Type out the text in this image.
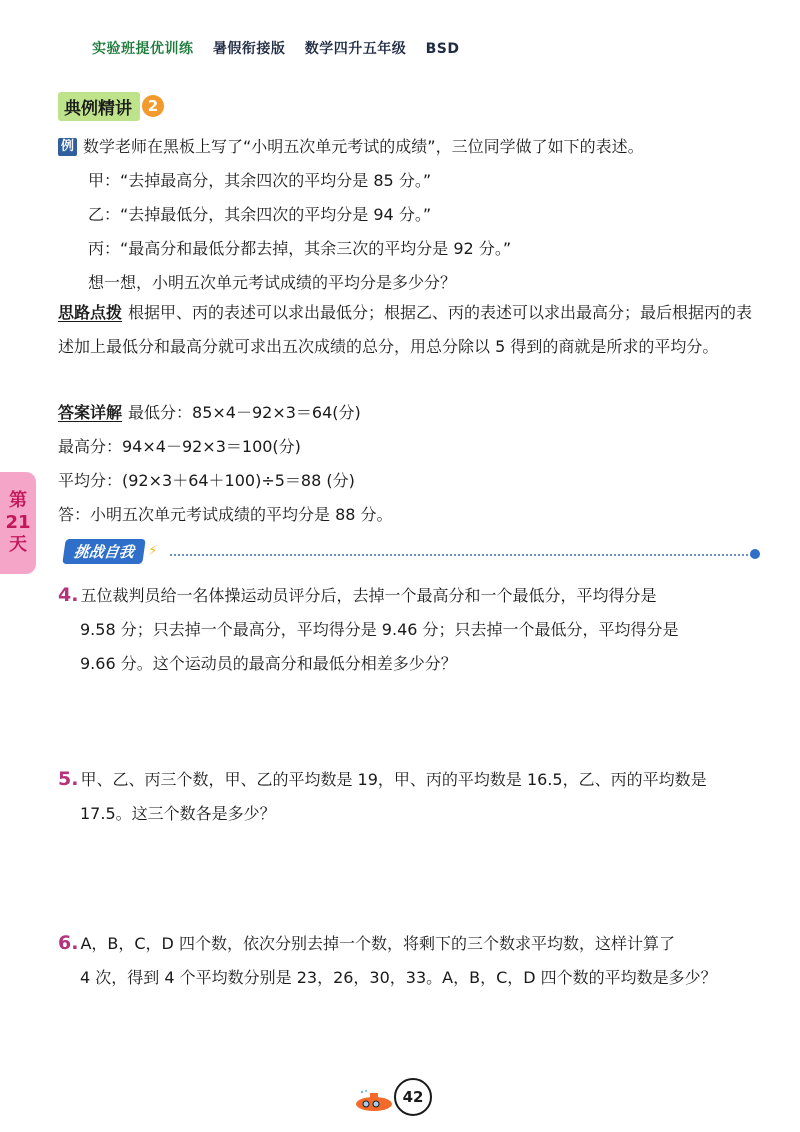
实验班提优训练 暑假衔接版 数学四升五年级 BSD
典例精讲	2
例 数学老师在黑板上写了“小明五次单元考试的成绩”，三位同学做了如下的表述。
甲：“去掉最高分，其余四次的平均分是 85 分。”
乙：“去掉最低分，其余四次的平均分是 94 分。”
丙：“最高分和最低分都去掉，其余三次的平均分是 92 分。”
想一想，小明五次单元考试成绩的平均分是多少分？
思路点拨 根据甲、丙的表述可以求出最低分；根据乙、丙的表述可以求出最高分；最后根据丙的表述加上最低分和最高分就可求出五次成绩的总分，用总分除以 5 得到的商就是所求的平均分。
答案详解 最低分：85×4－92×3＝64(分)
最高分：94×4－92×3＝100(分)
平均分：(92×3＋64＋100)÷5＝88 (分)
答：小明五次单元考试成绩的平均分是 88 分。
第
21
天	挑战自我 ⚡
4. 五位裁判员给一名体操运动员评分后，去掉一个最高分和一个最低分，平均得分是
9.58 分；只去掉一个最高分，平均得分是 9.46 分；只去掉一个最低分，平均得分是
9.66 分。这个运动员的最高分和最低分相差多少分？
5. 甲、乙、丙三个数，甲、乙的平均数是 19，甲、丙的平均数是 16.5，乙、丙的平均数是
17.5。这三个数各是多少？
6. A，B，C，D 四个数，依次分别去掉一个数，将剩下的三个数求平均数，这样计算了
4 次，得到 4 个平均数分别是 23，26，30，33。A，B，C，D 四个数的平均数是多少？
42
